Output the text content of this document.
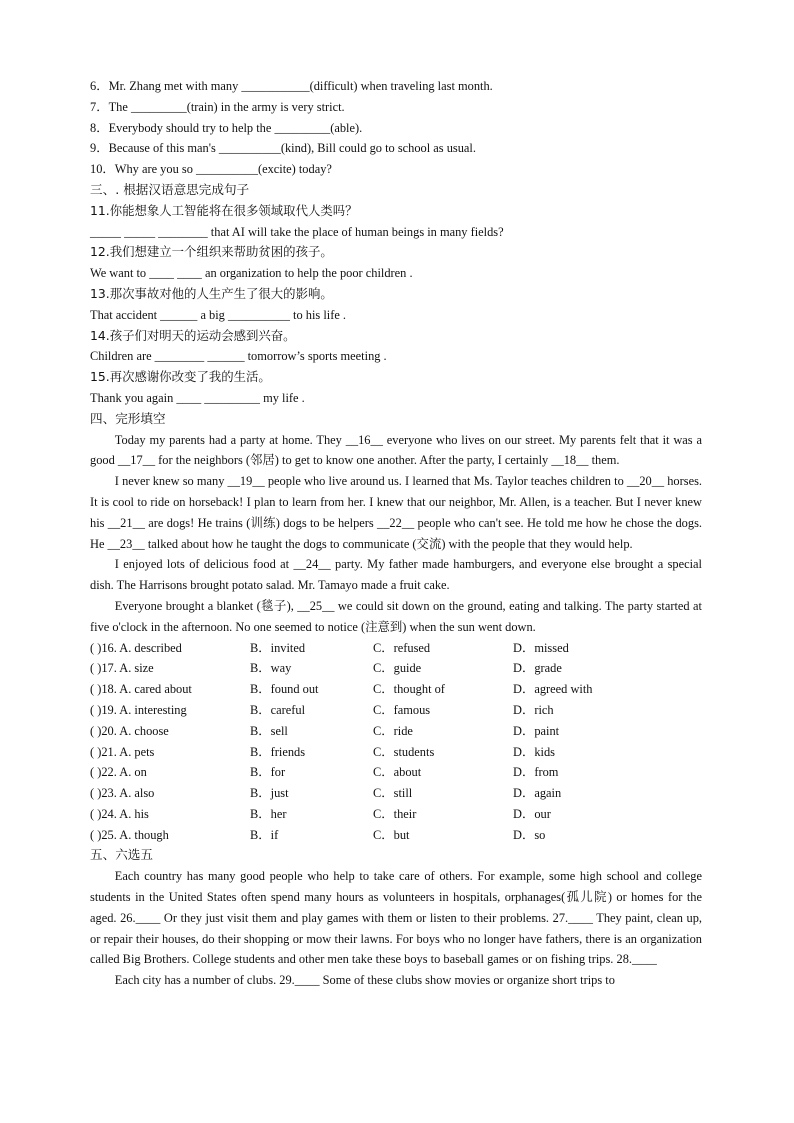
6．Mr. Zhang met with many ___________(difficult) when traveling last month.
7．The _________(train) in the army is very strict.
8．Everybody should try to help the _________(able).
9．Because of this man's __________(kind), Bill could go to school as usual.
10．Why are you so __________(excite) today?
三、. 根据汉语意思完成句子
11.你能想象人工智能将在很多领域取代人类吗？
_____ _____ ________ that AI will take the place of human beings in many fields?
12.我们想建立一个组织来帮助贫困的孩子。
We want to ____ ____ an organization to help the poor children .
13.那次事故对他的人生产生了很大的影响。
That accident ______ a big __________ to his life .
14.孩子们对明天的运动会感到兴奋。
Children are ________ ______ tomorrow’s sports meeting .
15.再次感谢你改变了我的生活。
Thank you again ____ _________ my life .
四、完形填空

Today my parents had a party at home. They __16__ everyone who lives on our street. My parents felt that it was a good __17__ for the neighbors (邻居) to get to know one another. After the party, I certainly __18__ them.

I never knew so many __19__ people who live around us. I learned that Ms. Taylor teaches children to __20__ horses. It is cool to ride on horseback! I plan to learn from her. I knew that our neighbor, Mr. Allen, is a teacher. But I never knew his __21__ are dogs! He trains (训练) dogs to be helpers __22__ people who can't see. He told me how he chose the dogs. He __23__ talked about how he taught the dogs to communicate (交流) with the people that they would help.

I enjoyed lots of delicious food at __24__ party. My father made hamburgers, and everyone else brought a special dish. The Harrisons brought potato salad. Mr. Tamayo made a fruit cake.

Everyone brought a blanket (毯子), __25__ we could sit down on the ground, eating and talking. The party started at five o'clock in the afternoon. No one seemed to notice (注意到) when the sun went down.

( )16. A. described	B．invited	C．refused	D．missed
( )17. A. size	B．way	C．guide	D．grade
( )18. A. cared about	B．found out	C．thought of	D．agreed with
( )19. A. interesting	B．careful	C．famous	D．rich
( )20. A. choose	B．sell	C．ride	D．paint
( )21. A. pets	B．friends	C．students	D．kids
( )22. A. on	B．for	C．about	D．from
( )23. A. also	B．just	C．still	D．again
( )24. A. his	B．her	C．their	D．our
( )25. A. though	B．if	C．but	D．so
五、六选五

Each country has many good people who help to take care of others. For example, some high school and college students in the United States often spend many hours as volunteers in hospitals, orphanages(孤儿院) or homes for the aged. 26.____ Or they just visit them and play games with them or listen to their problems. 27.____ They paint, clean up, or repair their houses, do their shopping or mow their lawns. For boys who no longer have fathers, there is an organization called Big Brothers. College students and other men take these boys to baseball games or on fishing trips. 28.____

Each city has a number of clubs. 29.____ Some of these clubs show movies or organize short trips to
